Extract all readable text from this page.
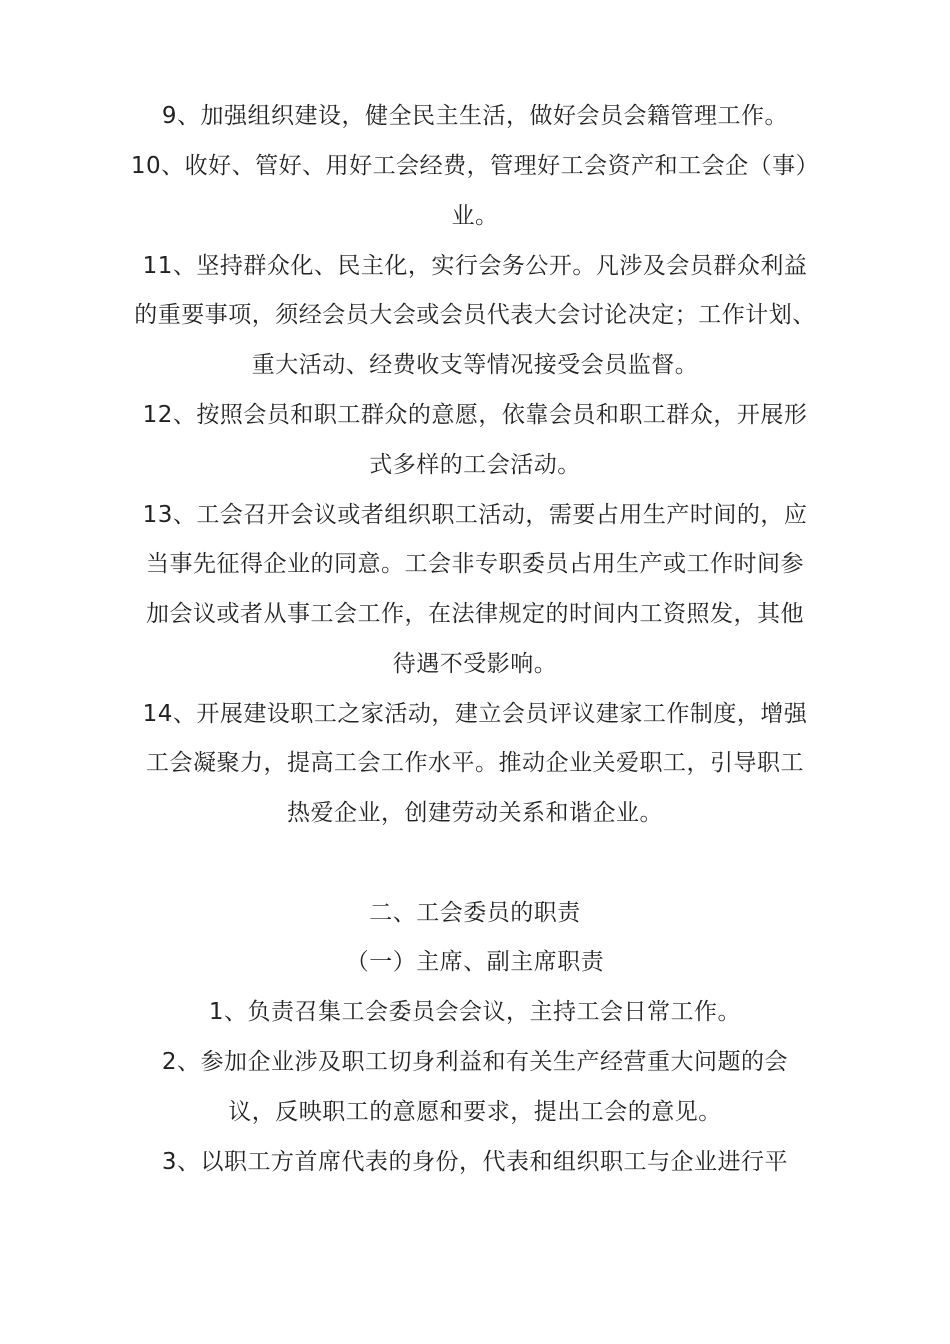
9、加强组织建设，健全民主生活，做好会员会籍管理工作。
10、收好、管好、用好工会经费，管理好工会资产和工会企（事）
业。
11、坚持群众化、民主化，实行会务公开。凡涉及会员群众利益
的重要事项，须经会员大会或会员代表大会讨论决定；工作计划、
重大活动、经费收支等情况接受会员监督。
12、按照会员和职工群众的意愿，依靠会员和职工群众，开展形
式多样的工会活动。
13、工会召开会议或者组织职工活动，需要占用生产时间的，应
当事先征得企业的同意。工会非专职委员占用生产或工作时间参
加会议或者从事工会工作，在法律规定的时间内工资照发，其他
待遇不受影响。
14、开展建设职工之家活动，建立会员评议建家工作制度，增强
工会凝聚力，提高工会工作水平。推动企业关爱职工，引导职工
热爱企业，创建劳动关系和谐企业。
二、工会委员的职责
（一）主席、副主席职责
1、负责召集工会委员会会议，主持工会日常工作。
2、参加企业涉及职工切身利益和有关生产经营重大问题的会
议，反映职工的意愿和要求，提出工会的意见。
3、以职工方首席代表的身份，代表和组织职工与企业进行平
